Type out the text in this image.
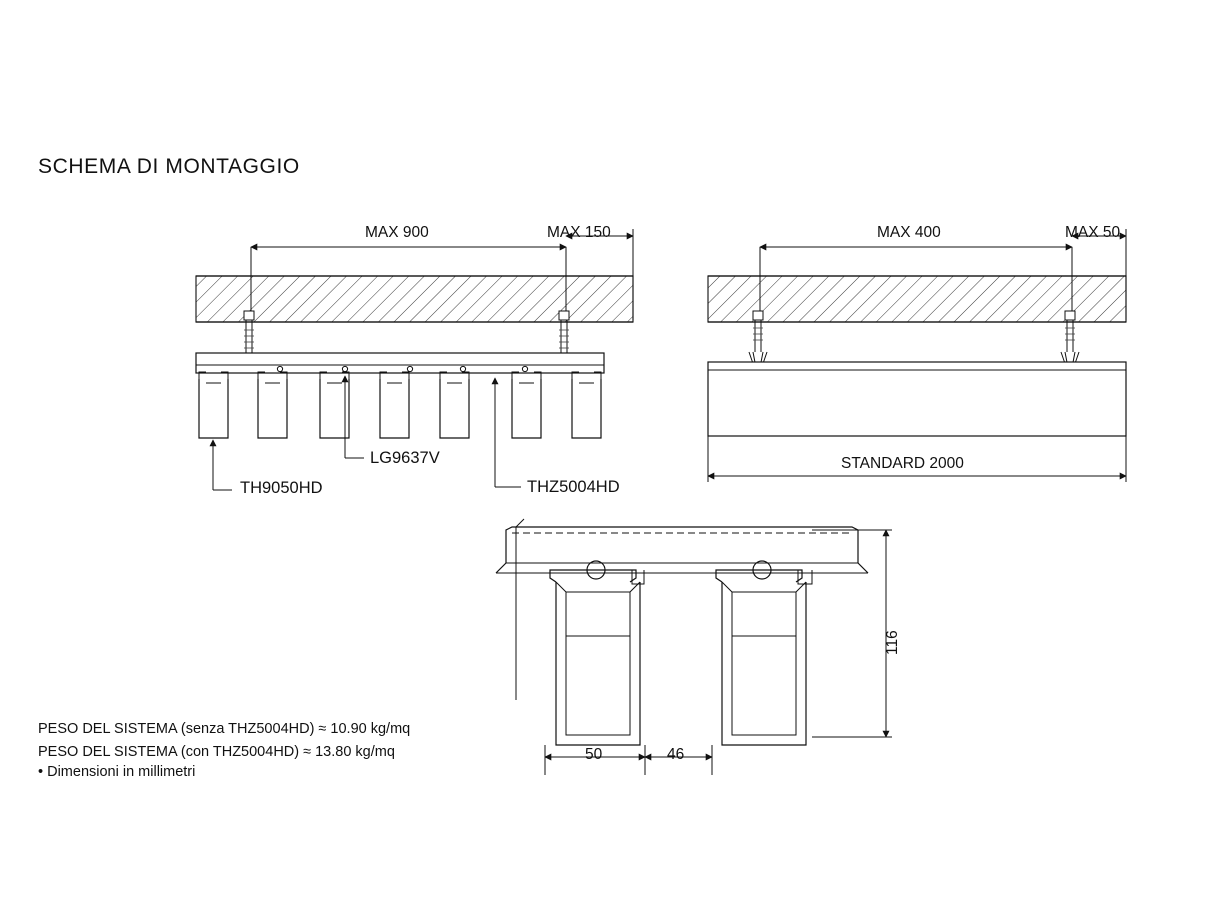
SCHEMA DI MONTAGGIO
MAX 900	MAX 150	MAX 400	MAX 50
STANDARD 2000
TH9050HD
LG9637V
THZ5004HD
116
50	46
PESO DEL SISTEMA (senza THZ5004HD) ≈ 10.90 kg/mq
PESO DEL SISTEMA (con THZ5004HD) ≈ 13.80 kg/mq
• Dimensioni in millimetri
